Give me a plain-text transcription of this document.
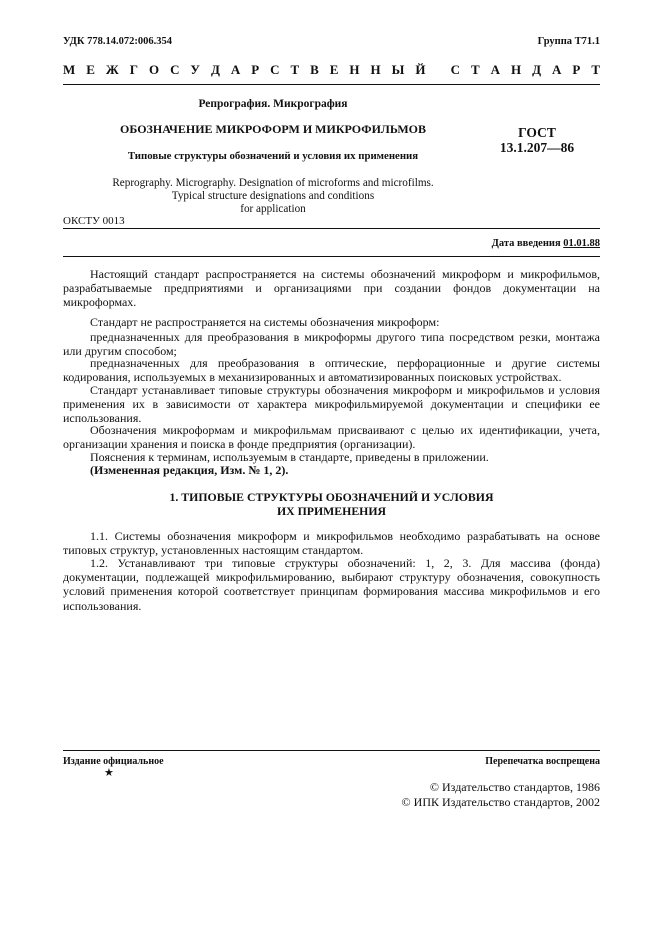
УДК 778.14.072:006.354	Группа Т71.1
М Е Ж Г О С У Д А Р С Т В Е Н Н Ы Й
С Т А Н Д А Р Т
Репрография. Микрография
ОБОЗНАЧЕНИЕ МИКРОФОРМ И МИКРОФИЛЬМОВ
Типовые структуры обозначений и условия их применения
ГОСТ
13.1.207—86
Reprography. Micrography. Designation of microforms and microfilms.
Typical structure designations and conditions
for application
ОКСТУ 0013
Дата введения 01.01.88

Настоящий стандарт распространяется на системы обозначений микроформ и микрофильмов, разрабатываемые предприятиями и организациями при создании фондов документации на микроформах.

Стандарт не распространяется на системы обозначения микроформ:

предназначенных для преобразования в микроформы другого типа посредством резки, монтажа или другим способом;

предназначенных для преобразования в оптические, перфорационные и другие системы кодирования, используемых в механизированных и автоматизированных поисковых устройствах.

Стандарт устанавливает типовые структуры обозначения микроформ и микрофильмов и условия применения их в зависимости от характера микрофильмируемой документации и специфики ее использования.

Обозначения микроформам и микрофильмам присваивают с целью их идентификации, учета, организации хранения и поиска в фонде предприятия (организации).

Пояснения к терминам, используемым в стандарте, приведены в приложении.

(Измененная редакция, Изм. № 1, 2).

1. ТИПОВЫЕ СТРУКТУРЫ ОБОЗНАЧЕНИЙ И УСЛОВИЯ
ИХ ПРИМЕНЕНИЯ

1.1. Системы обозначения микроформ и микрофильмов необходимо разрабатывать на основе типовых структур, установленных настоящим стандартом.

1.2. Устанавливают три типовые структуры обозначений: 1, 2, 3. Для массива (фонда) документации, подлежащей микрофильмированию, выбирают структуру обозначения, совокупность условий применения которой соответствует принципам формирования массива микрофильмов и его использования.

Издание официальное
★
Перепечатка воспрещена
© Издательство стандартов, 1986
© ИПК Издательство стандартов, 2002
